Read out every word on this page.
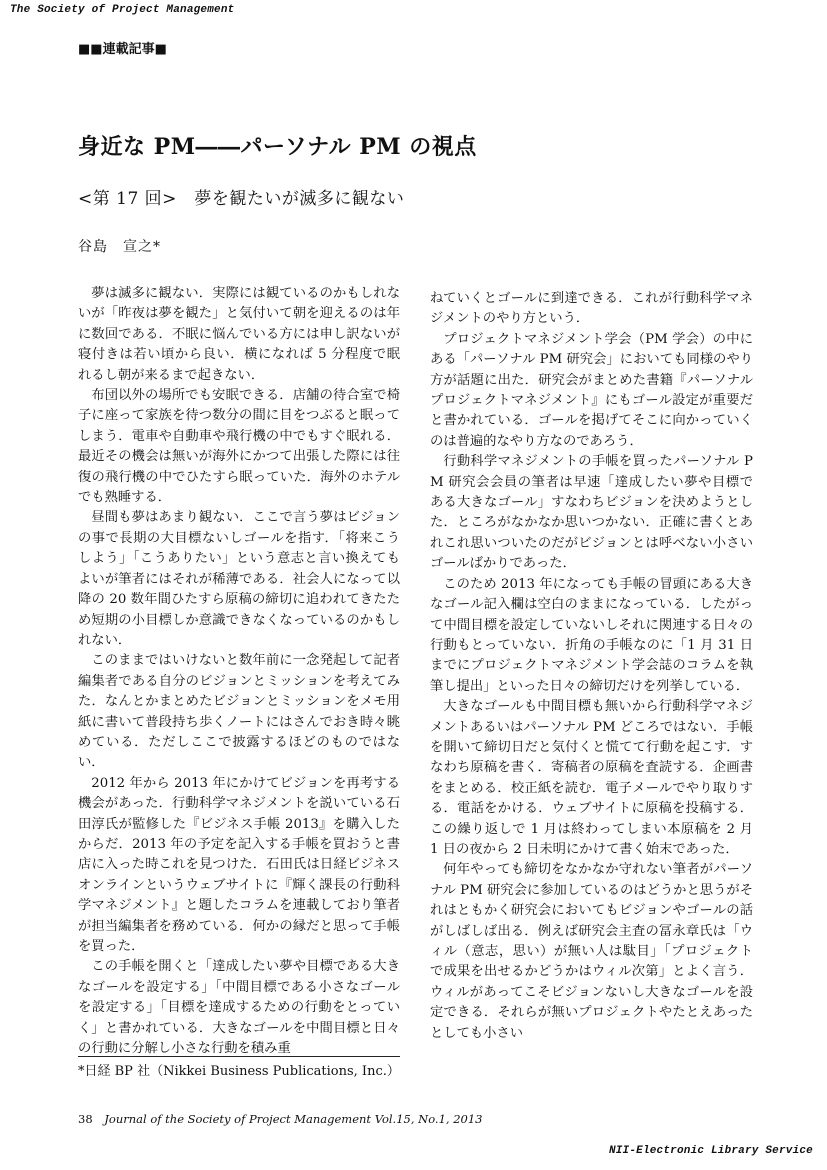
The Society of Project Management
■■連載記事■
身近な PM――パーソナル PM の視点
<第 17 回>　夢を観たいが滅多に観ない
谷島　宣之*

夢は滅多に観ない．実際には観ているのかもしれないが「昨夜は夢を観た」と気付いて朝を迎えるのは年に数回である．不眠に悩んでいる方には申し訳ないが寝付きは若い頃から良い．横になれば 5 分程度で眠れるし朝が来るまで起きない．

布団以外の場所でも安眠できる．店舗の待合室で椅子に座って家族を待つ数分の間に目をつぶると眠ってしまう．電車や自動車や飛行機の中でもすぐ眠れる．最近その機会は無いが海外にかつて出張した際には往復の飛行機の中でひたすら眠っていた．海外のホテルでも熟睡する．

昼間も夢はあまり観ない．ここで言う夢はビジョンの事で長期の大目標ないしゴールを指す．「将来こうしよう」「こうありたい」という意志と言い換えてもよいが筆者にはそれが稀薄である．社会人になって以降の 20 数年間ひたすら原稿の締切に追われてきたため短期の小目標しか意識できなくなっているのかもしれない．

このままではいけないと数年前に一念発起して記者編集者である自分のビジョンとミッションを考えてみた．なんとかまとめたビジョンとミッションをメモ用紙に書いて普段持ち歩くノートにはさんでおき時々眺めている．ただしここで披露するほどのものではない．

2012 年から 2013 年にかけてビジョンを再考する機会があった．行動科学マネジメントを説いている石田淳氏が監修した『ビジネス手帳 2013』を購入したからだ．2013 年の予定を記入する手帳を買おうと書店に入った時これを見つけた．石田氏は日経ビジネスオンラインというウェブサイトに『輝く課長の行動科学マネジメント』と題したコラムを連載しており筆者が担当編集者を務めている．何かの縁だと思って手帳を買った．

この手帳を開くと「達成したい夢や目標である大きなゴールを設定する」「中間目標である小さなゴールを設定する」「目標を達成するための行動をとっていく」と書かれている．大きなゴールを中間目標と日々の行動に分解し小さな行動を積み重

ねていくとゴールに到達できる．これが行動科学マネジメントのやり方という．

プロジェクトマネジメント学会（PM 学会）の中にある「パーソナル PM 研究会」においても同様のやり方が話題に出た．研究会がまとめた書籍『パーソナルプロジェクトマネジメント』にもゴール設定が重要だと書かれている．ゴールを掲げてそこに向かっていくのは普遍的なやり方なのであろう．

行動科学マネジメントの手帳を買ったパーソナル PM 研究会会員の筆者は早速「達成したい夢や目標である大きなゴール」すなわちビジョンを決めようとした．ところがなかなか思いつかない．正確に書くとあれこれ思いついたのだがビジョンとは呼べない小さいゴールばかりであった．

このため 2013 年になっても手帳の冒頭にある大きなゴール記入欄は空白のままになっている．したがって中間目標を設定していないしそれに関連する日々の行動もとっていない．折角の手帳なのに「1 月 31 日までにプロジェクトマネジメント学会誌のコラムを執筆し提出」といった日々の締切だけを列挙している．

大きなゴールも中間目標も無いから行動科学マネジメントあるいはパーソナル PM どころではない．手帳を開いて締切日だと気付くと慌てて行動を起こす．すなわち原稿を書く．寄稿者の原稿を査読する．企画書をまとめる．校正紙を読む．電子メールでやり取りする．電話をかける．ウェブサイトに原稿を投稿する．この繰り返しで 1 月は終わってしまい本原稿を 2 月 1 日の夜から 2 日未明にかけて書く始末であった．

何年やっても締切をなかなか守れない筆者がパーソナル PM 研究会に参加しているのはどうかと思うがそれはともかく研究会においてもビジョンやゴールの話がしばしば出る．例えば研究会主査の冨永章氏は「ウィル（意志，思い）が無い人は駄目」「プロジェクトで成果を出せるかどうかはウィル次第」とよく言う．ウィルがあってこそビジョンないし大きなゴールを設定できる．それらが無いプロジェクトやたとえあったとしても小さい

*日経 BP 社（Nikkei Business Publications, Inc.）
38 Journal of the Society of Project Management Vol.15, No.1, 2013
NII-Electronic Library Service
